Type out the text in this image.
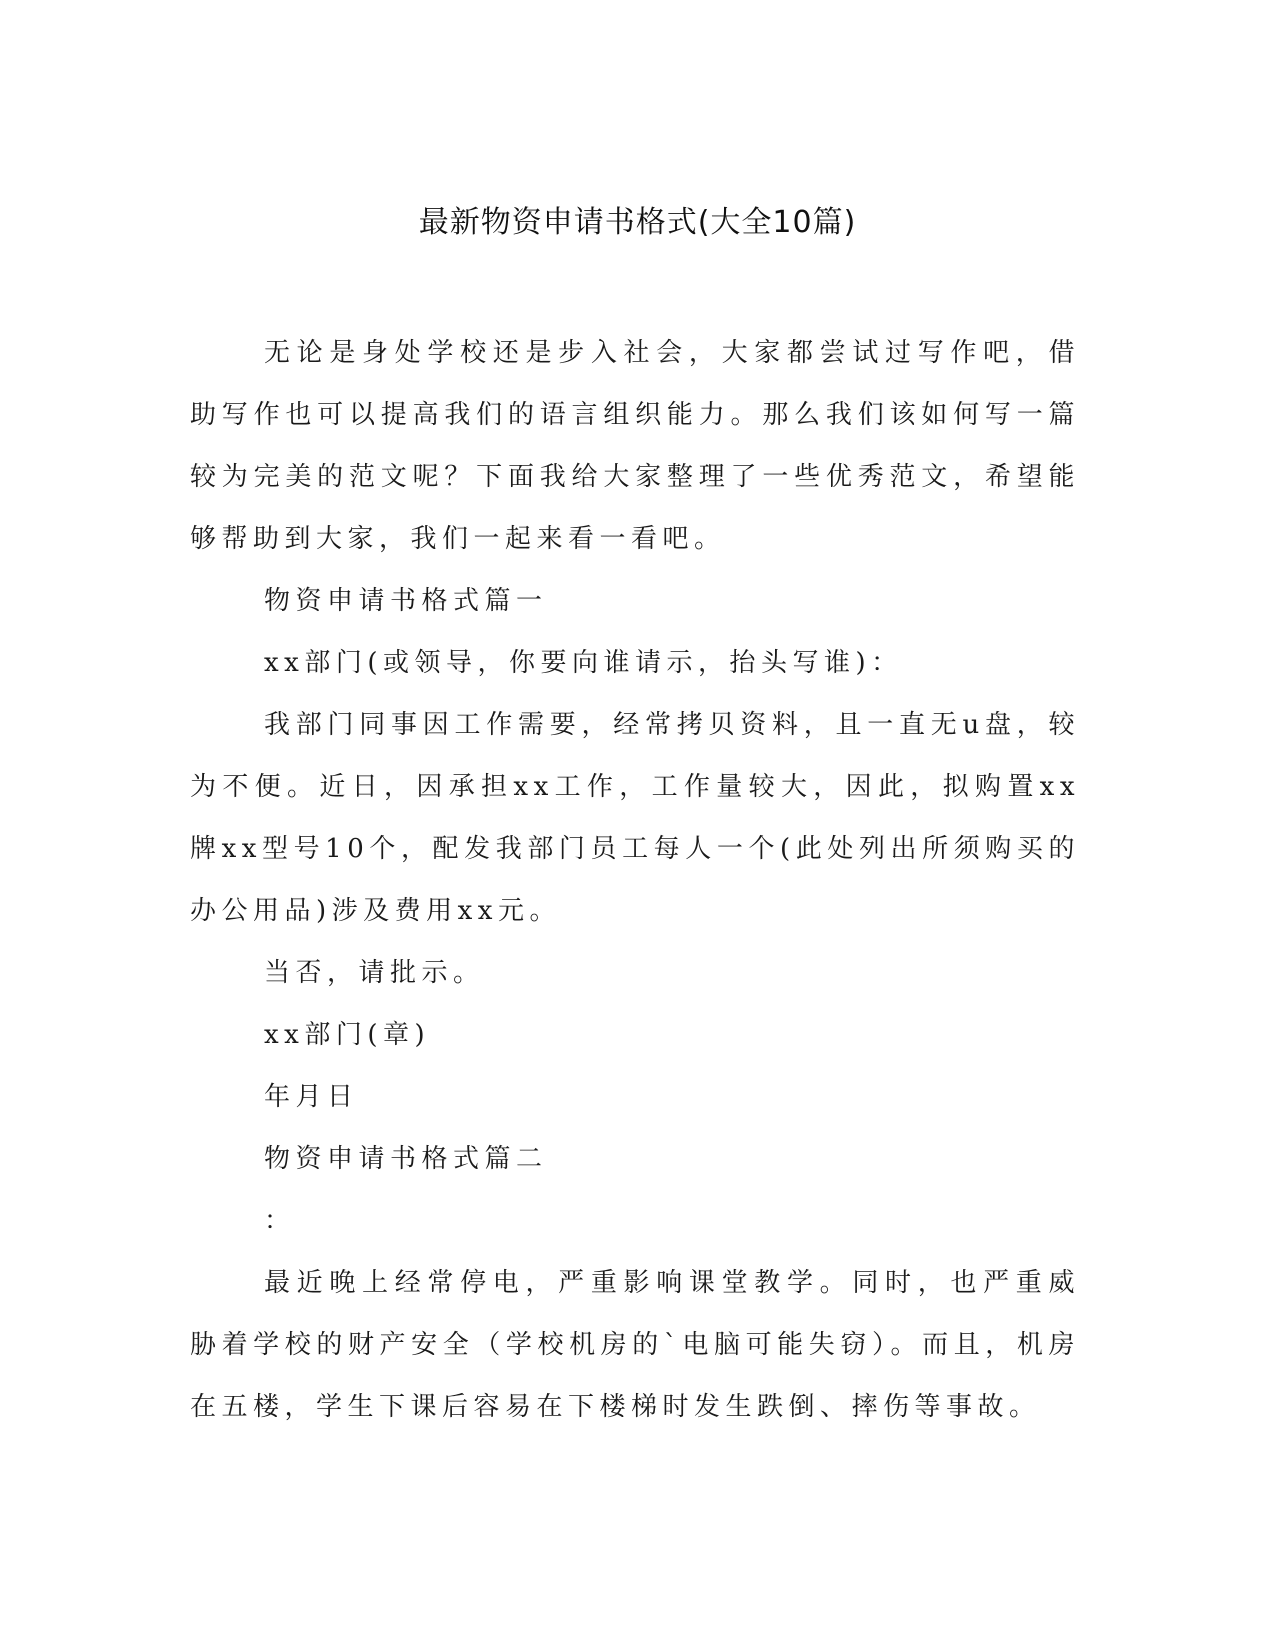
最新物资申请书格式(大全10篇)

无论是身处学校还是步入社会，大家都尝试过写作吧，借助写作也可以提高我们的语言组织能力。那么我们该如何写一篇较为完美的范文呢？下面我给大家整理了一些优秀范文，希望能够帮助到大家，我们一起来看一看吧。

物资申请书格式篇一

xx部门(或领导，你要向谁请示，抬头写谁)：

我部门同事因工作需要，经常拷贝资料，且一直无u盘，较为不便。近日，因承担xx工作，工作量较大，因此，拟购置xx牌xx型号10个，配发我部门员工每人一个(此处列出所须购买的办公用品)涉及费用xx元。

当否，请批示。

xx部门(章)

年月日

物资申请书格式篇二

：

最近晚上经常停电，严重影响课堂教学。同时，也严重威胁着学校的财产安全（学校机房的`电脑可能失窃）。而且，机房在五楼，学生下课后容易在下楼梯时发生跌倒、摔伤等事故。
